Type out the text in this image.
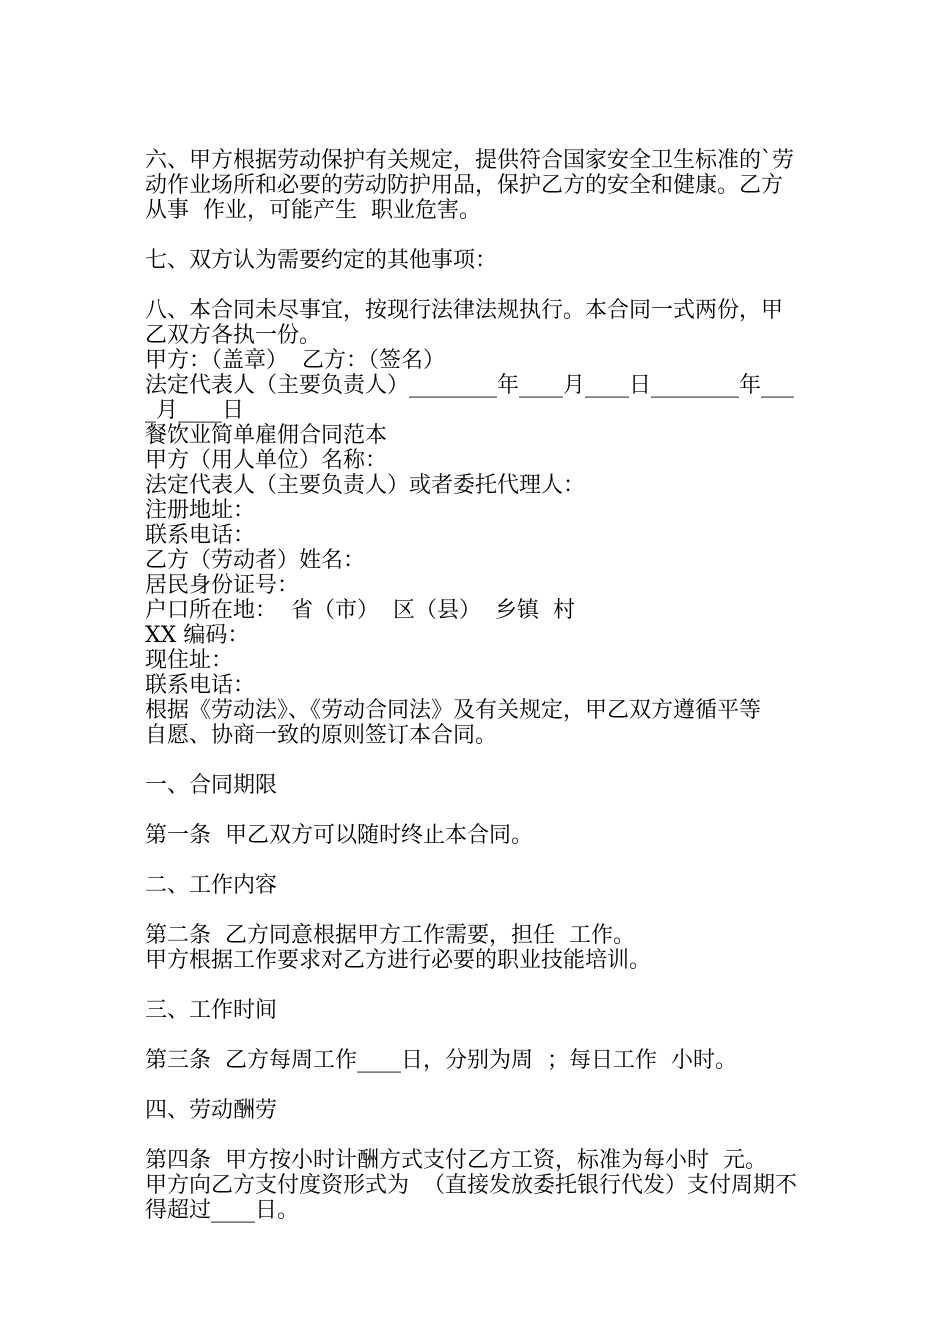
六、甲方根据劳动保护有关规定，提供符合国家安全卫生标准的`劳
动作业场所和必要的劳动防护用品，保护乙方的安全和健康。乙方
从事  作业，可能产生  职业危害。
七、双方认为需要约定的其他事项：
八、本合同未尽事宜，按现行法律法规执行。本合同一式两份，甲
乙双方各执一份。
甲方：（盖章）  乙方：（签名）
法定代表人（主要负责人）________年____月____日________年___
_月____日
餐饮业简单雇佣合同范本
甲方（用人单位）名称：
法定代表人（主要负责人）或者委托代理人：
注册地址：
联系电话：
乙方（劳动者）姓名：
居民身份证号：
户口所在地：  省（市）  区（县）  乡镇  村
XX 编码：
现住址：
联系电话：
根据《劳动法》、《劳动合同法》及有关规定，甲乙双方遵循平等
自愿、协商一致的原则签订本合同。
一、合同期限
第一条  甲乙双方可以随时终止本合同。
二、工作内容
第二条  乙方同意根据甲方工作需要，担任  工作。
甲方根据工作要求对乙方进行必要的职业技能培训。
三、工作时间
第三条  乙方每周工作____日，分别为周  ；每日工作  小时。
四、劳动酬劳
第四条  甲方按小时计酬方式支付乙方工资，标准为每小时  元。
甲方向乙方支付度资形式为  （直接发放委托银行代发）支付周期不
得超过____日。
